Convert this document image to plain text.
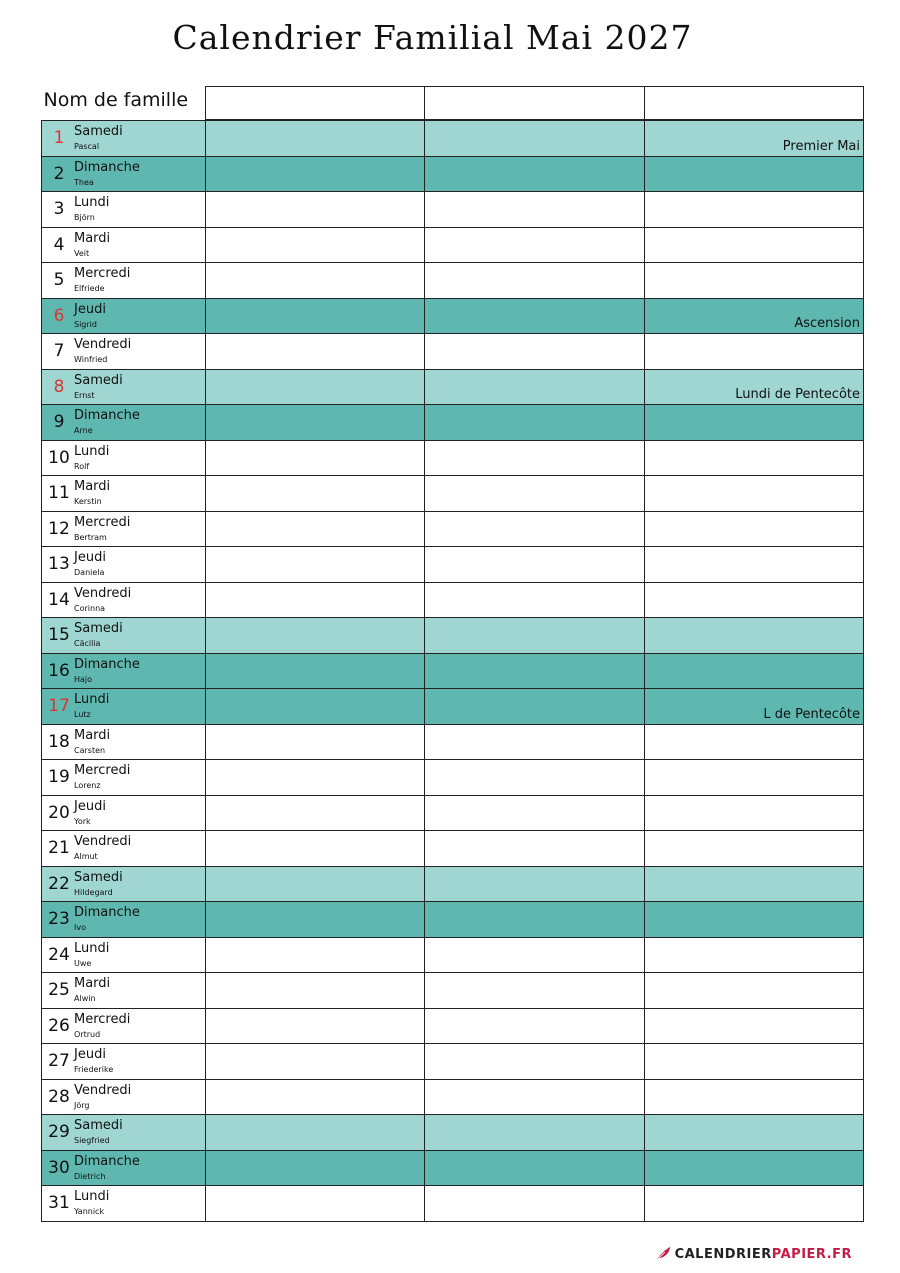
Calendrier Familial Mai 2027
Nom de famille			

1 Samedi
Pascal			Premier Mai

2 Dimanche
Thea			

3 Lundi
Björn			

4 Mardi
Veit			

5 Mercredi
Elfriede			

6 Jeudi
Sigrid			Ascension

7 Vendredi
Winfried			

8 Samedi
Ernst			Lundi de Pentecôte

9 Dimanche
Arne			

10 Lundi
Rolf			

11 Mardi
Kerstin			

12 Mercredi
Bertram			

13 Jeudi
Daniela			

14 Vendredi
Corinna			

15 Samedi
Cäcilia			

16 Dimanche
Hajo			

17 Lundi
Lutz			L de Pentecôte

18 Mardi
Carsten			

19 Mercredi
Lorenz			

20 Jeudi
York			

21 Vendredi
Almut			

22 Samedi
Hildegard			

23 Dimanche
Ivo			

24 Lundi
Uwe			

25 Mardi
Alwin			

26 Mercredi
Ortrud			

27 Jeudi
Friederike			

28 Vendredi
Jörg			

29 Samedi
Siegfried			

30 Dimanche
Dietrich			

31 Lundi
Yannick			

CALENDRIER PAPIER.FR
